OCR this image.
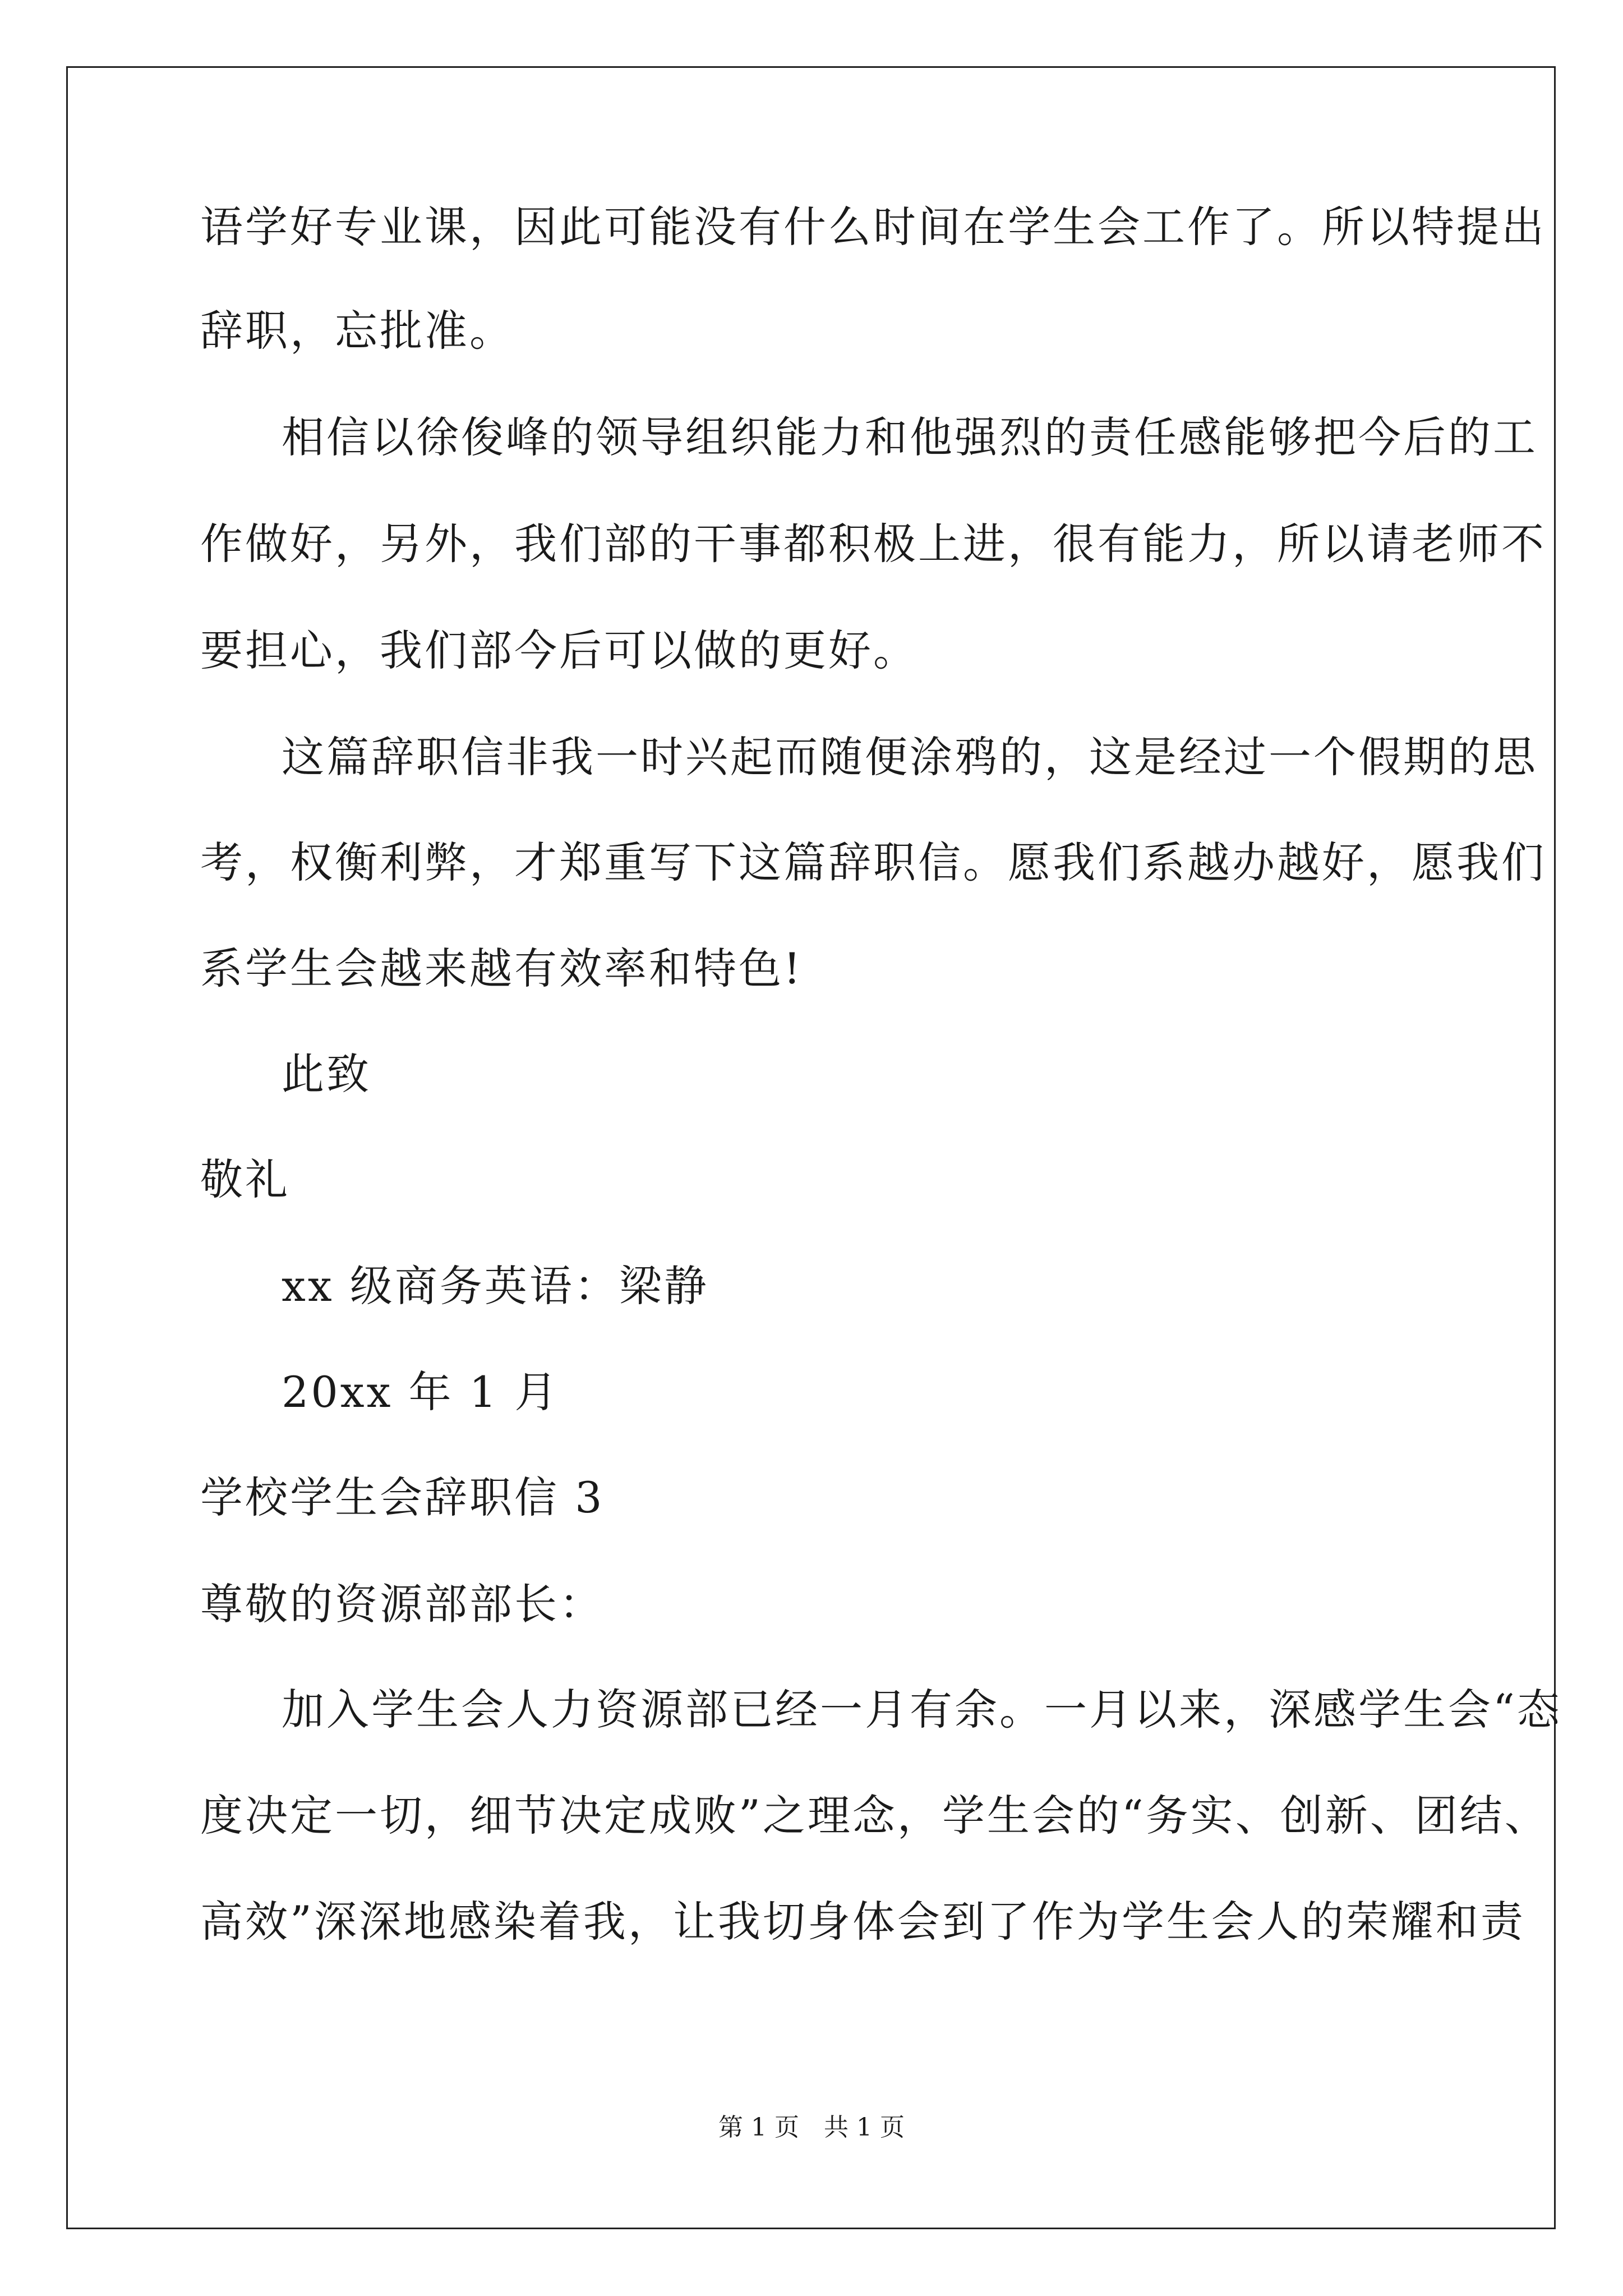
语学好专业课，因此可能没有什么时间在学生会工作了。所以特提出
辞职，忘批准。
相信以徐俊峰的领导组织能力和他强烈的责任感能够把今后的工
作做好，另外，我们部的干事都积极上进，很有能力，所以请老师不
要担心，我们部今后可以做的更好。
这篇辞职信非我一时兴起而随便涂鸦的，这是经过一个假期的思
考，权衡利弊，才郑重写下这篇辞职信。愿我们系越办越好，愿我们
系学生会越来越有效率和特色!
此致
敬礼
xx 级商务英语：梁静
20xx 年 1 月
学校学生会辞职信 3
尊敬的资源部部长：
加入学生会人力资源部已经一月有余。一月以来，深感学生会“态
度决定一切，细节决定成败”之理念，学生会的“务实、创新、团结、
高效”深深地感染着我，让我切身体会到了作为学生会人的荣耀和责
第 1 页 共 1 页
